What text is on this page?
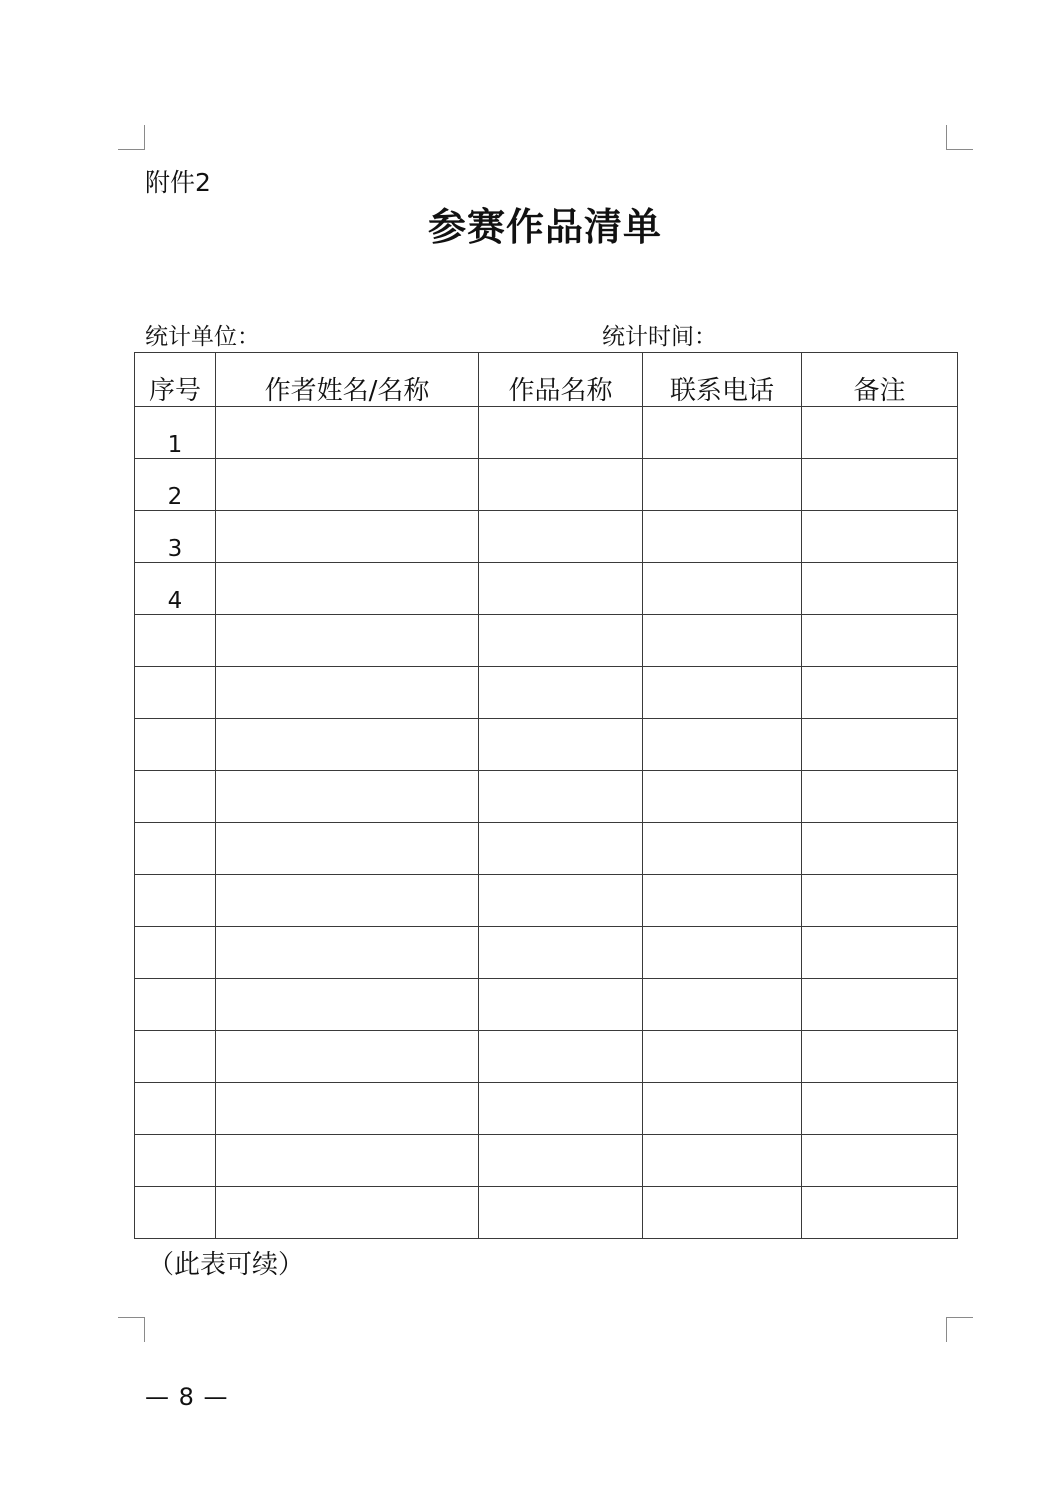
附件2
参赛作品清单
统计单位：	统计时间：
序号	作者姓名/名称	作品名称	联系电话	备注
1				
2				
3				
4				

（此表可续）
— 8 —
